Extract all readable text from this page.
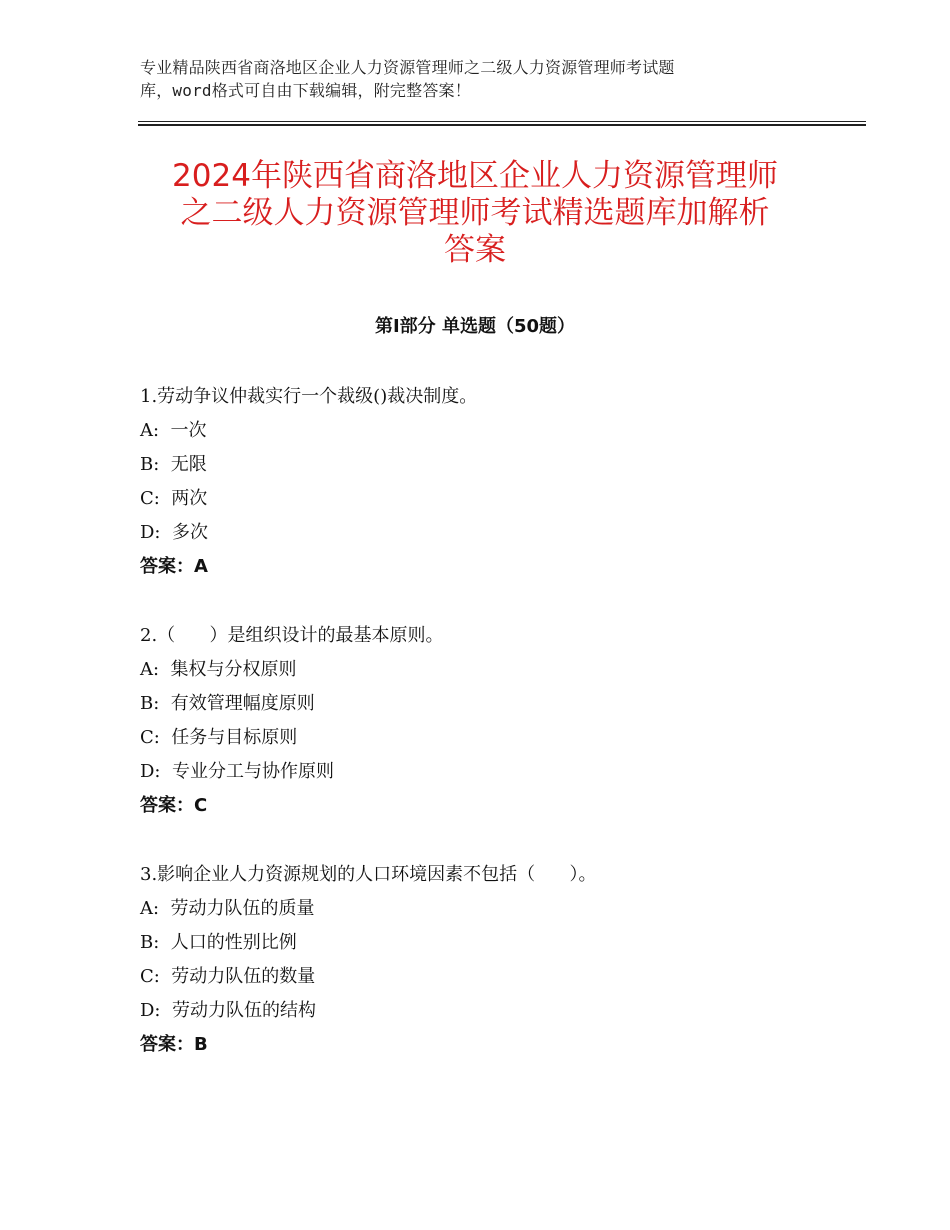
专业精品陕西省商洛地区企业人力资源管理师之二级人力资源管理师考试题
库，word格式可自由下载编辑，附完整答案！
2024年陕西省商洛地区企业人力资源管理师
之二级人力资源管理师考试精选题库加解析
答案
第Ⅰ部分 单选题（50题）
1.劳动争议仲裁实行一个裁级()裁决制度。
A:  一次
B:  无限
C:  两次
D:  多次
答案：A
2.（      ）是组织设计的最基本原则。
A:  集权与分权原则
B:  有效管理幅度原则
C:  任务与目标原则
D:  专业分工与协作原则
答案：C
3.影响企业人力资源规划的人口环境因素不包括（      ）。
A:  劳动力队伍的质量
B:  人口的性别比例
C:  劳动力队伍的数量
D:  劳动力队伍的结构
答案：B
